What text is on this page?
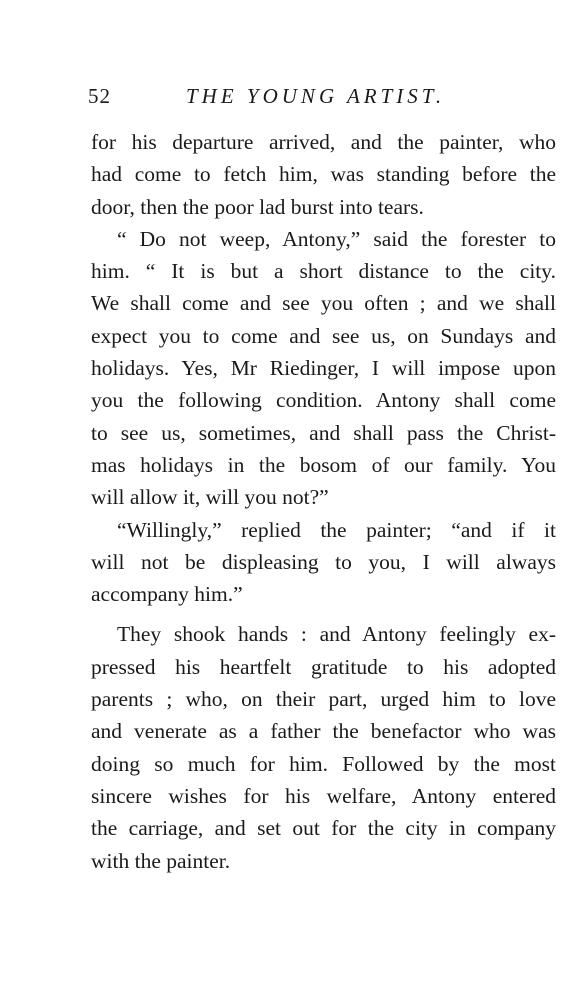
52	THE YOUNG ARTIST.

for his departure arrived, and the painter, who
had come to fetch him, was standing before the
door, then the poor lad burst into tears.

“ Do not weep, Antony,” said the forester to
him. “ It is but a short distance to the city.
We shall come and see you often ; and we shall
expect you to come and see us, on Sundays and
holidays. Yes, Mr Riedinger, I will impose upon
you the following condition. Antony shall come
to see us, sometimes, and shall pass the Christ-
mas holidays in the bosom of our family. You
will allow it, will you not?”

“Willingly,” replied the painter; “and if it
will not be displeasing to you, I will always
accompany him.”

They shook hands : and Antony feelingly ex-
pressed his heartfelt gratitude to his adopted
parents ; who, on their part, urged him to love
and venerate as a father the benefactor who was
doing so much for him. Followed by the most
sincere wishes for his welfare, Antony entered
the carriage, and set out for the city in company
with the painter.
